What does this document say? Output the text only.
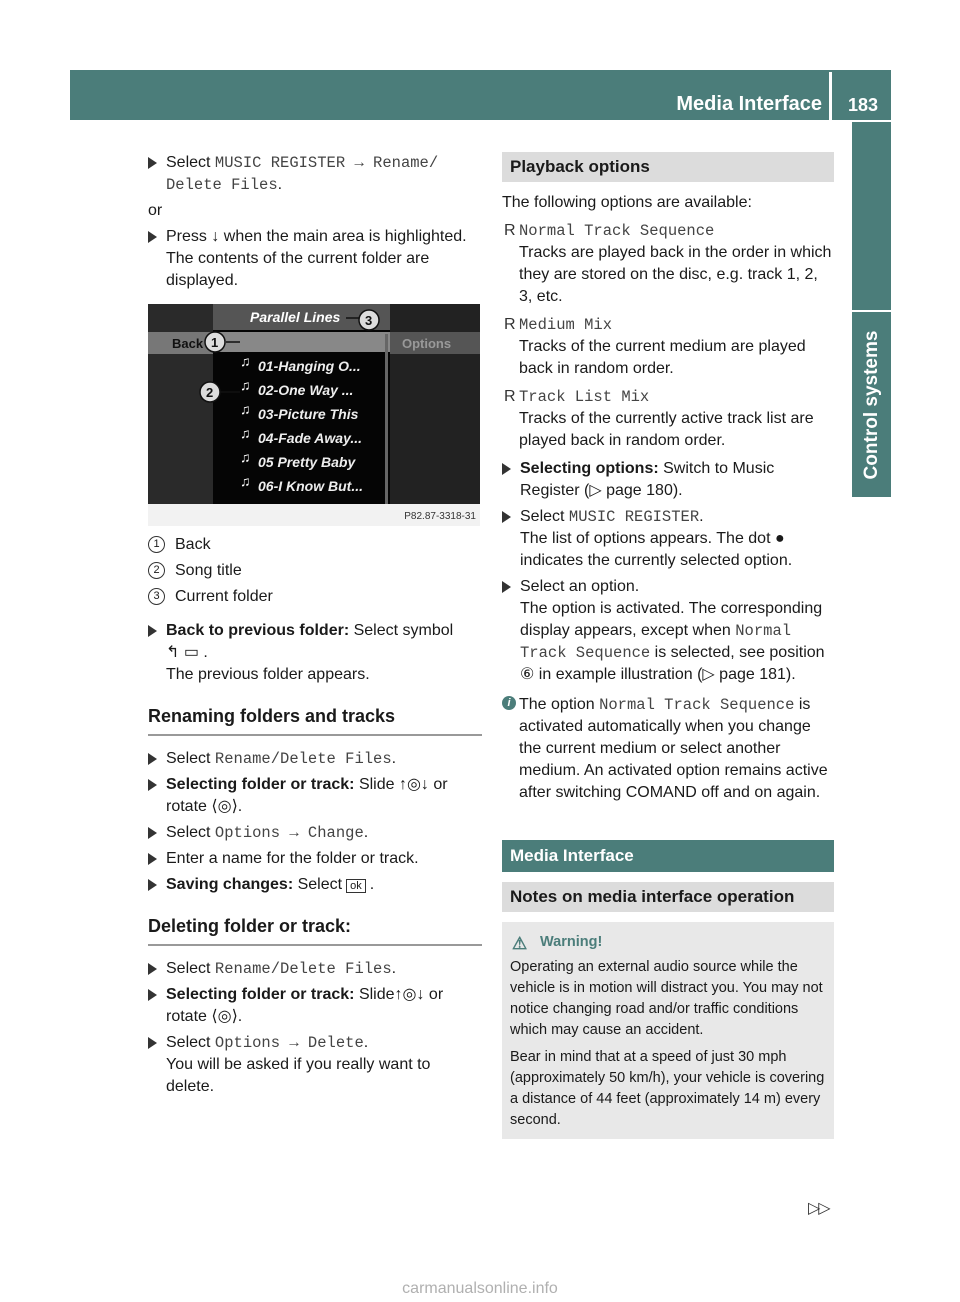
Media Interface	183
Control systems
Select MUSIC REGISTER → Rename/ Delete Files.
or
Press ↓ when the main area is highlighted. The contents of the current folder are displayed.
Back	Options
Parallel Lines
♫ 01-Hanging O...
♫ 02-One Way ...
♫ 03-Picture This
♫ 04-Fade Away...
♫ 05 Pretty Baby
♫ 06-I Know But...
1
2
3
P82.87-3318-31
1 Back
2 Song title
3 Current folder
Back to previous folder: Select symbol
↰ ▭ .
The previous folder appears.
Renaming folders and tracks
Select Rename/Delete Files.
Selecting folder or track: Slide ↑◎↓ or rotate ⟨◎⟩.
Select Options → Change.
Enter a name for the folder or track.
Saving changes: Select ok .
Deleting folder or track:
Select Rename/Delete Files.
Selecting folder or track: Slide↑◎↓ or rotate ⟨◎⟩.
Select Options → Delete.
You will be asked if you really want to delete.
Playback options
The following options are available:
R Normal Track Sequence
Tracks are played back in the order in which they are stored on the disc, e.g. track 1, 2, 3, etc.
R Medium Mix
Tracks of the current medium are played back in random order.
R Track List Mix
Tracks of the currently active track list are played back in random order.
Selecting options: Switch to Music Register (▷ page 180).
Select MUSIC REGISTER.
The list of options appears. The dot ● indicates the currently selected option.
Select an option.
The option is activated. The corresponding display appears, except when Normal Track Sequence is selected, see position ⑥ in example illustration (▷ page 181).
i The option Normal Track Sequence is activated automatically when you change the current medium or select another medium. An activated option remains active after switching COMAND off and on again.
Media Interface
Notes on media interface operation
⚠ Warning!

Operating an external audio source while the vehicle is in motion will distract you. You may not notice changing road and/or traffic conditions which may cause an accident.

Bear in mind that at a speed of just 30 mph (approximately 50 km/h), your vehicle is covering a distance of 44 feet (approximately 14 m) every second.

▷▷
carmanualsonline.info
